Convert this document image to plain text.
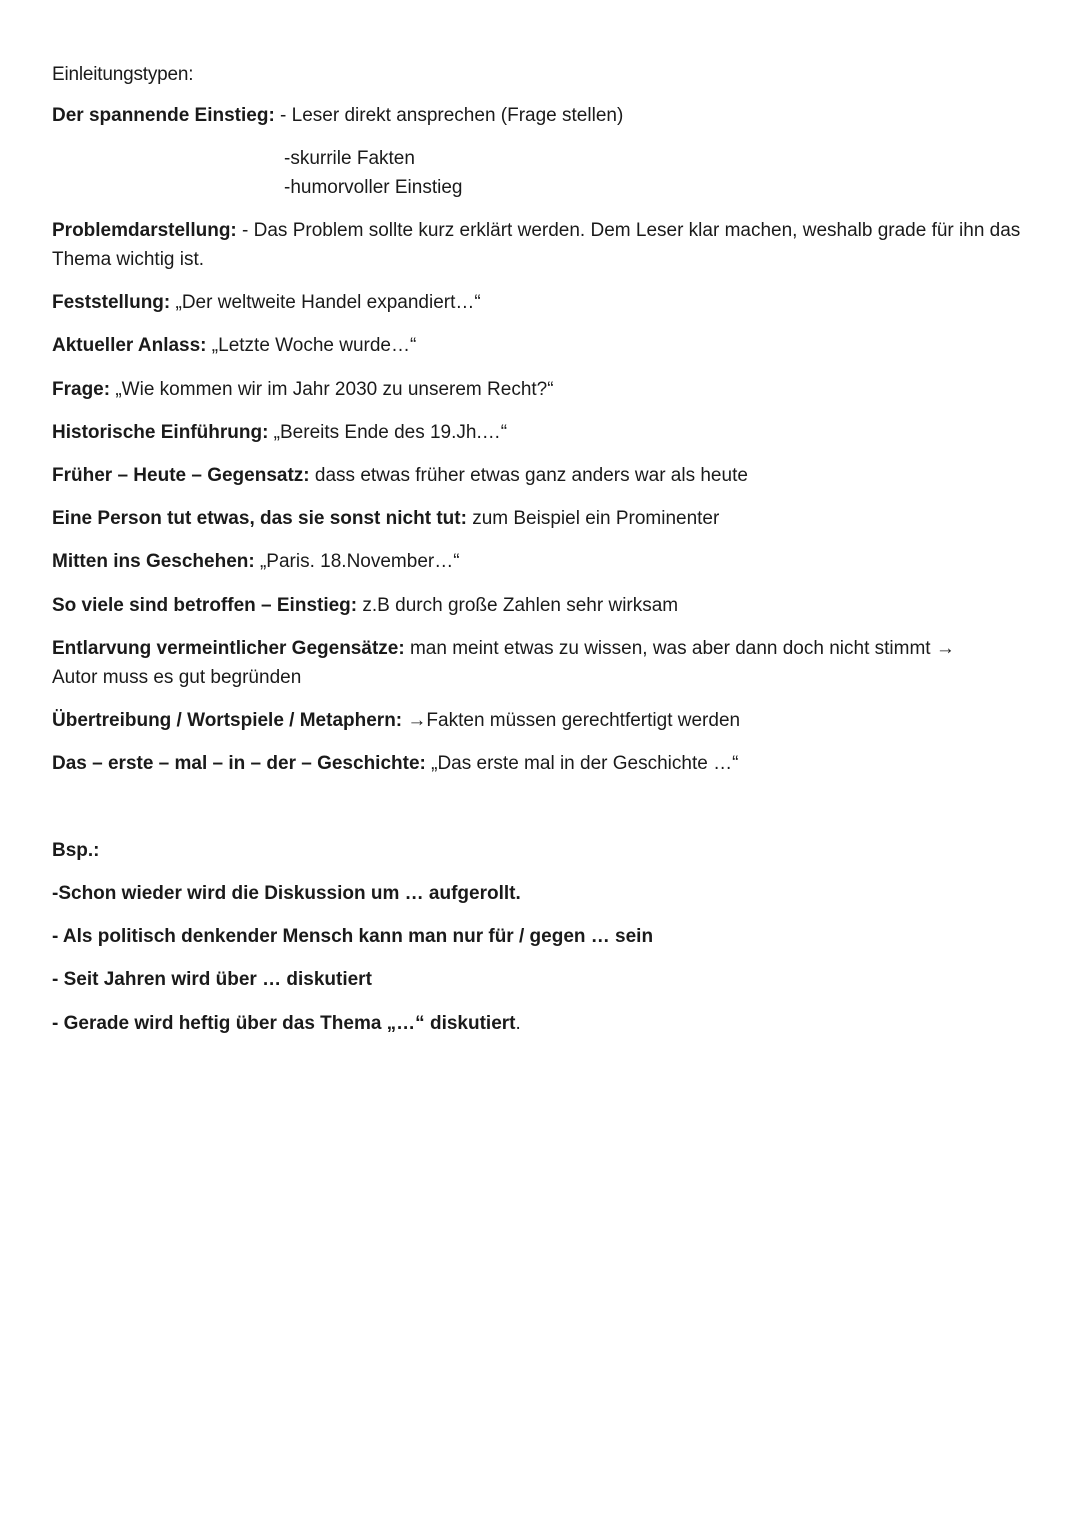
Einleitungstypen:
Der spannende Einstieg: - Leser direkt ansprechen (Frage stellen)
-skurrile Fakten
-humorvoller Einstieg
Problemdarstellung: - Das Problem sollte kurz erklärt werden. Dem Leser klar machen, weshalb grade für ihn das Thema wichtig ist.
Feststellung: „Der weltweite Handel expandiert…“
Aktueller Anlass: „Letzte Woche wurde…“
Frage: „Wie kommen wir im Jahr 2030 zu unserem Recht?“
Historische Einführung: „Bereits Ende des 19.Jh.…“
Früher – Heute – Gegensatz: dass etwas früher etwas ganz anders war als heute
Eine Person tut etwas, das sie sonst nicht tut: zum Beispiel ein Prominenter
Mitten ins Geschehen: „Paris. 18.November…“
So viele sind betroffen – Einstieg: z.B durch große Zahlen sehr wirksam
Entlarvung vermeintlicher Gegensätze: man meint etwas zu wissen, was aber dann doch nicht stimmt → Autor muss es gut begründen
Übertreibung / Wortspiele / Metaphern: →Fakten müssen gerechtfertigt werden
Das – erste – mal – in – der – Geschichte: „Das erste mal in der Geschichte …“
Bsp.:
-Schon wieder wird die Diskussion um … aufgerollt.
- Als politisch denkender Mensch kann man nur für / gegen … sein
- Seit Jahren wird über … diskutiert
- Gerade wird heftig über das Thema „…“ diskutiert.
